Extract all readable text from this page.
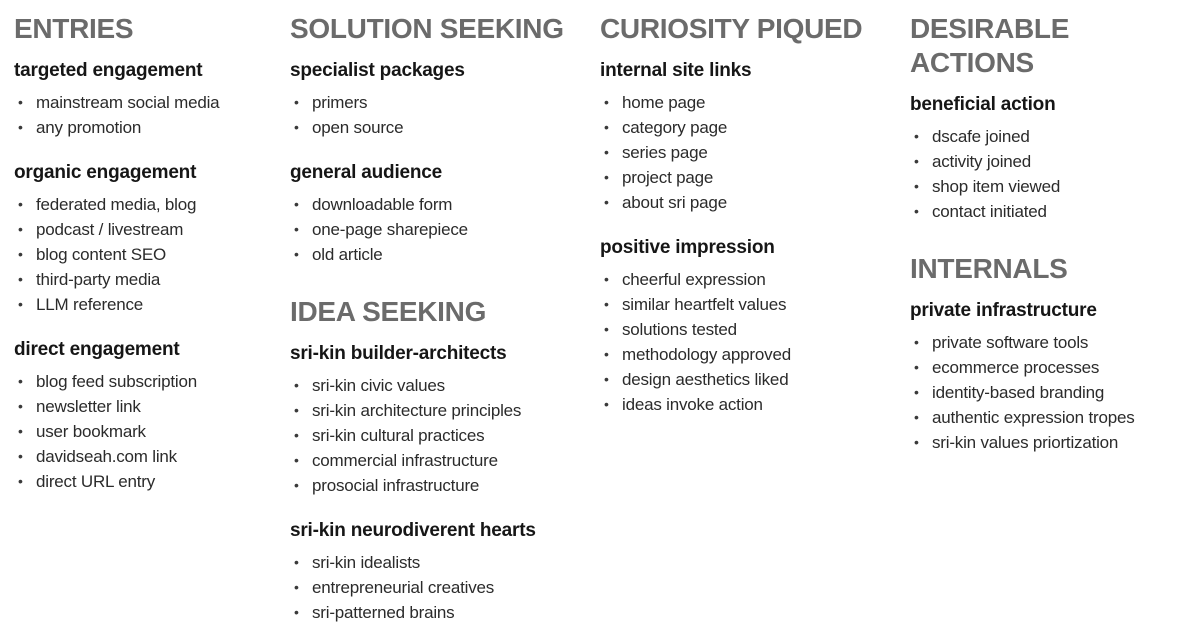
ENTRIES
targeted engagement
• mainstream social media
• any promotion
organic engagement
• federated media, blog
• podcast / livestream
• blog content SEO
• third-party media
• LLM reference
direct engagement
• blog feed subscription
• newsletter link
• user bookmark
• davidseah.com link
• direct URL entry
SOLUTION SEEKING
specialist packages
• primers
• open source
general audience
• downloadable form
• one-page sharepiece
• old article
IDEA SEEKING
sri-kin builder-architects
• sri-kin civic values
• sri-kin architecture principles
• sri-kin cultural practices
• commercial infrastructure
• prosocial infrastructure
sri-kin neurodiverent hearts
• sri-kin idealists
• entrepreneurial creatives
• sri-patterned brains
CURIOSITY PIQUED
internal site links
• home page
• category page
• series page
• project page
• about sri page
positive impression
• cheerful expression
• similar heartfelt values
• solutions tested
• methodology approved
• design aesthetics liked
• ideas invoke action
DESIRABLE ACTIONS
beneficial action
• dscafe joined
• activity joined
• shop item viewed
• contact initiated
INTERNALS
private infrastructure
• private software tools
• ecommerce processes
• identity-based branding
• authentic expression tropes
• sri-kin values priortization
